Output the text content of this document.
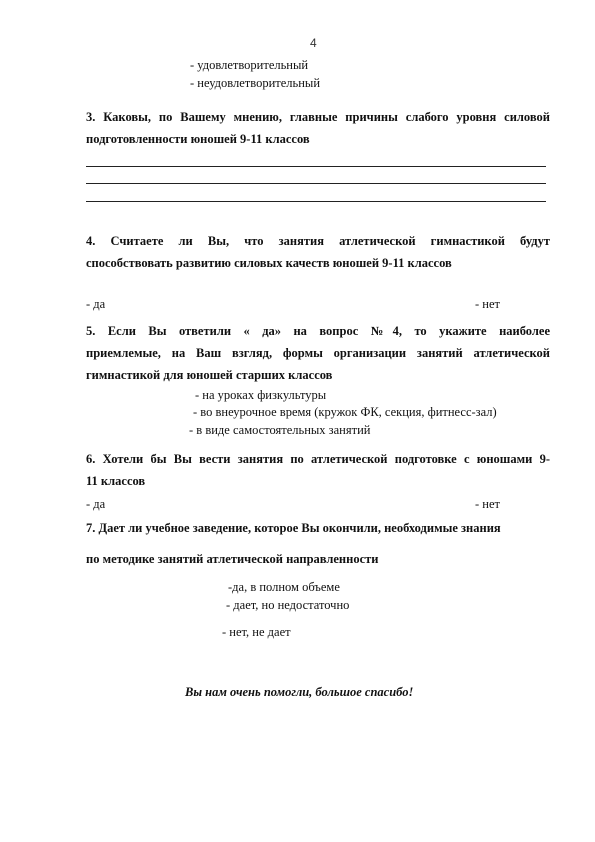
4
- удовлетворительный
- неудовлетворительный
3. Каковы, по Вашему мнению, главные причины слабого уровня силовой
подготовленности юношей 9-11 классов
4. Считаете ли Вы, что занятия атлетической гимнастикой будут
способствовать развитию силовых качеств юношей 9-11 классов
- да	- нет
5. Если Вы ответили « да» на вопрос №4, то укажите наиболее
приемлемые, на Ваш взгляд, формы организации занятий атлетической
гимнастикой для юношей старших классов
- на уроках физкультуры
- во внеурочное время (кружок ФК, секция, фитнесс-зал)
- в виде самостоятельных занятий
6. Хотели бы Вы вести занятия по атлетической подготовке с юношами 9-
11 классов
- да	- нет
7. Дает ли учебное заведение, которое Вы окончили, необходимые знания
по методике занятий атлетической направленности
-да, в полном объеме
- дает, но недостаточно
- нет, не дает
Вы нам очень помогли, большое спасибо!
